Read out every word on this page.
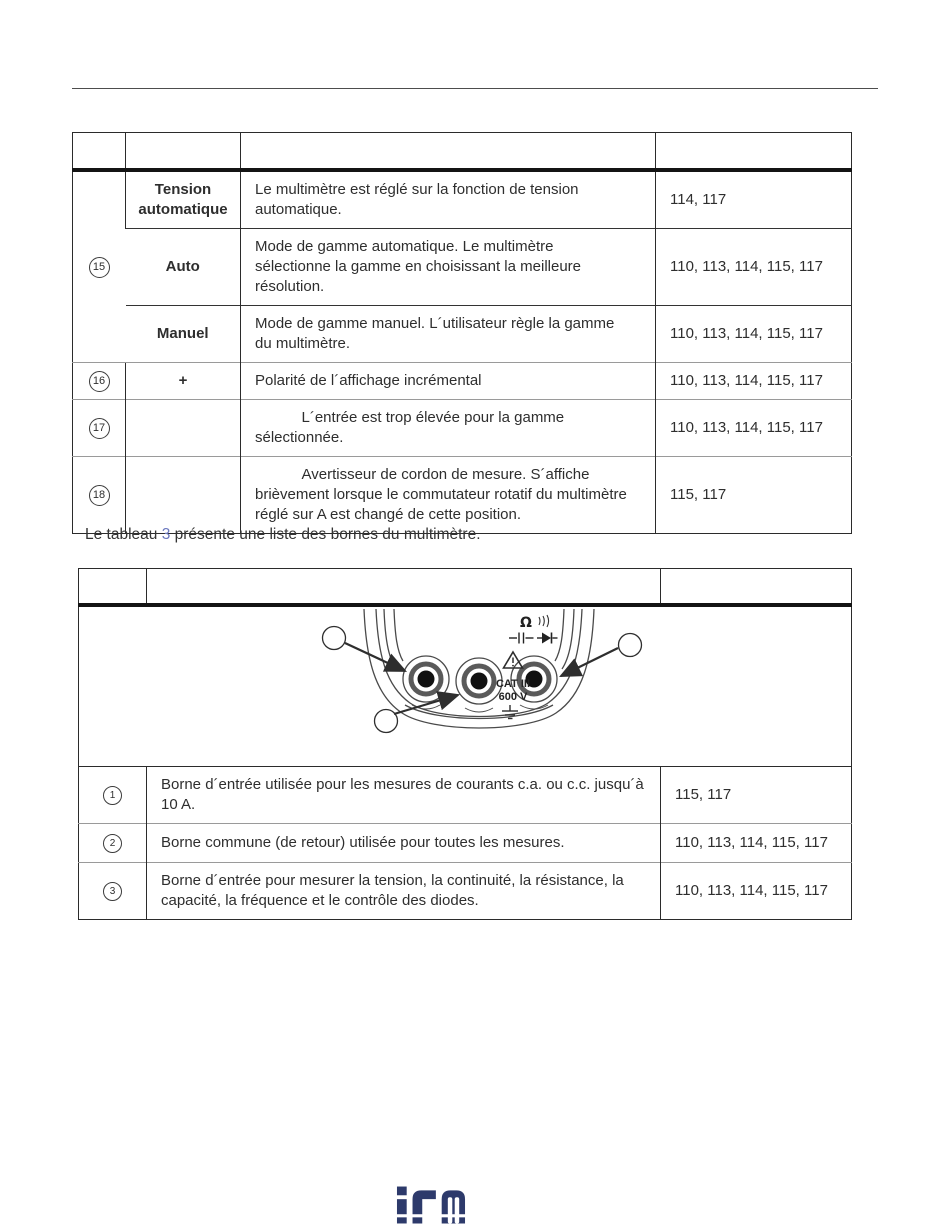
15	Tension automatique	Le multimètre est réglé sur la fonction de tension automatique.	114, 117
	Auto	Mode de gamme automatique. Le multimètre sélectionne la gamme en choisissant la meilleure résolution.	110, 113, 114, 115, 117
	Manuel	Mode de gamme manuel. L´utilisateur règle la gamme du multimètre.	110, 113, 114, 115, 117
16	+	Polarité de l´affichage incrémental	110, 113, 114, 115, 117
17		L´entrée est trop élevée pour la gamme sélectionnée.	110, 113, 114, 115, 117
18		Avertisseur de cordon de mesure. S´affiche brièvement lorsque le commutateur rotatif du multimètre réglé sur A est changé de cette position.	115, 117
Le tableau 3 présente une liste des bornes du multimètre.
Ω
CAT III
600 V		

1	Borne d´entrée utilisée pour les mesures de courants c.a. ou c.c. jusqu´à 10 A.	115, 117
2	Borne commune (de retour) utilisée pour toutes les mesures.	110, 113, 114, 115, 117
3	Borne d´entrée pour mesurer la tension, la continuité, la résistance, la capacité, la fréquence et le contrôle des diodes.	110, 113, 114, 115, 117
